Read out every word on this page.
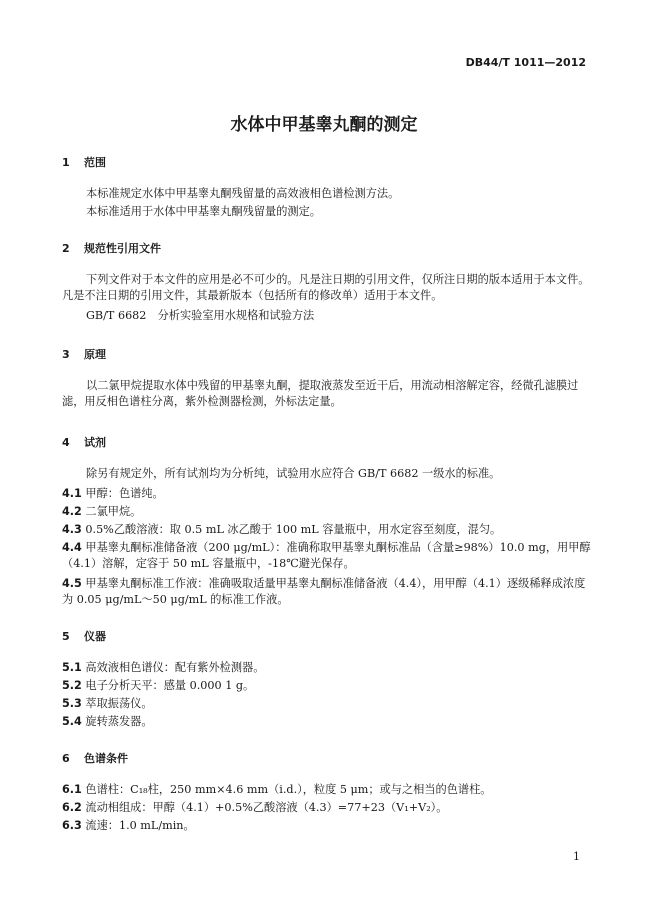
DB44/T 1011—2012
水体中甲基睾丸酮的测定
1 范围
本标准规定水体中甲基睾丸酮残留量的高效液相色谱检测方法。
本标准适用于水体中甲基睾丸酮残留量的测定。
2 规范性引用文件
下列文件对于本文件的应用是必不可少的。凡是注日期的引用文件，仅所注日期的版本适用于本文件。凡是不注日期的引用文件，其最新版本（包括所有的修改单）适用于本文件。
GB/T 6682　分析实验室用水规格和试验方法
3 原理
以二氯甲烷提取水体中残留的甲基睾丸酮，提取液蒸发至近干后，用流动相溶解定容，经微孔滤膜过滤，用反相色谱柱分离，紫外检测器检测，外标法定量。
4 试剂
除另有规定外，所有试剂均为分析纯，试验用水应符合 GB/T 6682 一级水的标准。
4.1 甲醇：色谱纯。
4.2 二氯甲烷。
4.3 0.5%乙酸溶液：取 0.5 mL 冰乙酸于 100 mL 容量瓶中，用水定容至刻度，混匀。
4.4 甲基睾丸酮标准储备液（200 μg/mL）：准确称取甲基睾丸酮标准品（含量≥98%）10.0 mg，用甲醇（4.1）溶解，定容于 50 mL 容量瓶中，-18℃避光保存。
4.5 甲基睾丸酮标准工作液：准确吸取适量甲基睾丸酮标准储备液（4.4），用甲醇（4.1）逐级稀释成浓度为 0.05 μg/mL～50 μg/mL 的标准工作液。
5 仪器
5.1 高效液相色谱仪：配有紫外检测器。
5.2 电子分析天平：感量 0.000 1 g。
5.3 萃取振荡仪。
5.4 旋转蒸发器。
6 色谱条件
6.1 色谱柱：C₁₈柱，250 mm×4.6 mm（i.d.），粒度 5 μm；或与之相当的色谱柱。
6.2 流动相组成：甲醇（4.1）+0.5%乙酸溶液（4.3）=77+23（V₁+V₂）。
6.3 流速：1.0 mL/min。
1
